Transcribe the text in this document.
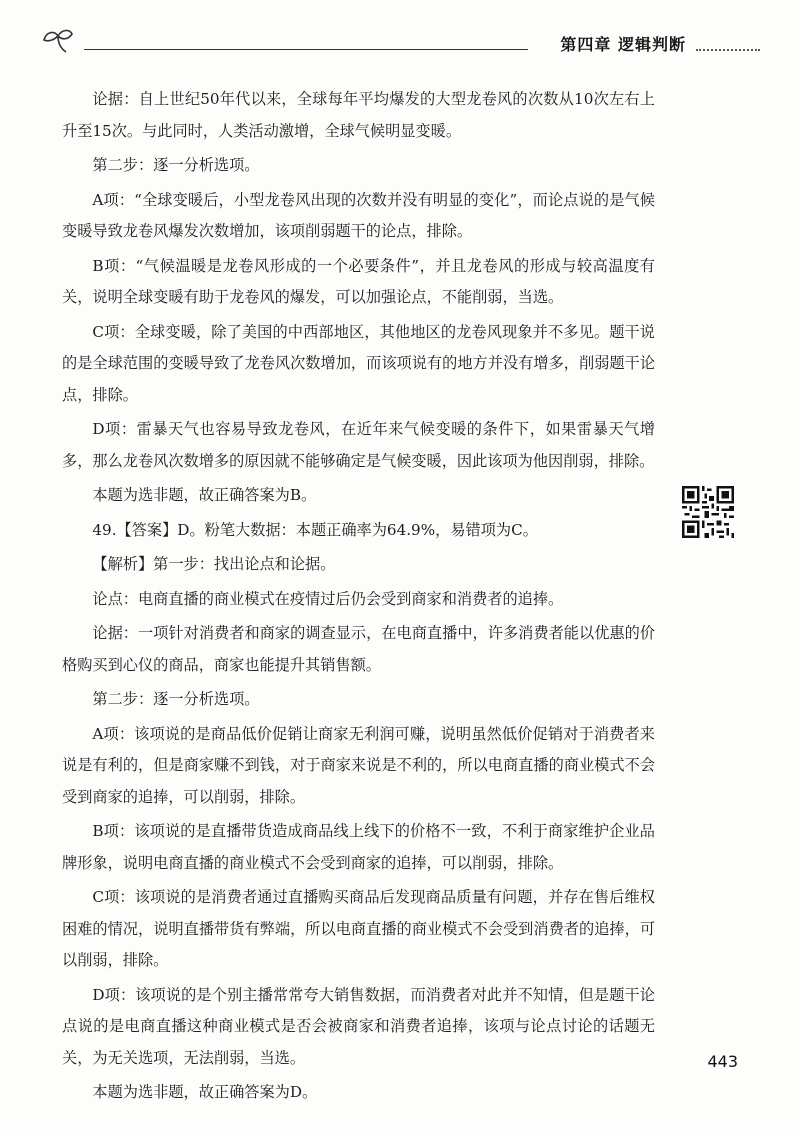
第四章 逻辑判断

论据：自上世纪50年代以来，全球每年平均爆发的大型龙卷风的次数从10次左右上升至15次。与此同时，人类活动激增，全球气候明显变暖。

第二步：逐一分析选项。

A项：“全球变暖后，小型龙卷风出现的次数并没有明显的变化”，而论点说的是气候变暖导致龙卷风爆发次数增加，该项削弱题干的论点，排除。

B项：“气候温暖是龙卷风形成的一个必要条件”，并且龙卷风的形成与较高温度有关，说明全球变暖有助于龙卷风的爆发，可以加强论点，不能削弱，当选。

C项：全球变暖，除了美国的中西部地区，其他地区的龙卷风现象并不多见。题干说的是全球范围的变暖导致了龙卷风次数增加，而该项说有的地方并没有增多，削弱题干论点，排除。

D项：雷暴天气也容易导致龙卷风，在近年来气候变暖的条件下，如果雷暴天气增多，那么龙卷风次数增多的原因就不能够确定是气候变暖，因此该项为他因削弱，排除。

本题为选非题，故正确答案为B。

49.【答案】D。粉笔大数据：本题正确率为64.9%，易错项为C。

【解析】第一步：找出论点和论据。

论点：电商直播的商业模式在疫情过后仍会受到商家和消费者的追捧。

论据：一项针对消费者和商家的调查显示，在电商直播中，许多消费者能以优惠的价格购买到心仪的商品，商家也能提升其销售额。

第二步：逐一分析选项。

A项：该项说的是商品低价促销让商家无利润可赚，说明虽然低价促销对于消费者来说是有利的，但是商家赚不到钱，对于商家来说是不利的，所以电商直播的商业模式不会受到商家的追捧，可以削弱，排除。

B项：该项说的是直播带货造成商品线上线下的价格不一致，不利于商家维护企业品牌形象，说明电商直播的商业模式不会受到商家的追捧，可以削弱，排除。

C项：该项说的是消费者通过直播购买商品后发现商品质量有问题，并存在售后维权困难的情况，说明直播带货有弊端，所以电商直播的商业模式不会受到消费者的追捧，可以削弱，排除。

D项：该项说的是个别主播常常夸大销售数据，而消费者对此并不知情，但是题干论点说的是电商直播这种商业模式是否会被商家和消费者追捧，该项与论点讨论的话题无关，为无关选项，无法削弱，当选。

本题为选非题，故正确答案为D。

443
